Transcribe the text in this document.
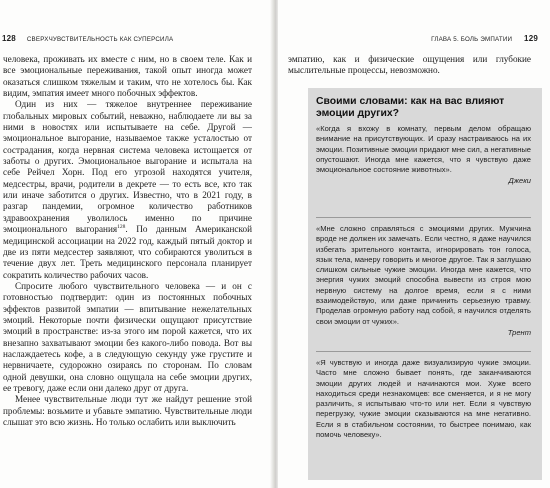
128 СВЕРХЧУВСТВИТЕЛЬНОСТЬ КАК СУПЕРСИЛА

человека, проживать их вместе с ним, но в своем теле. Как и все эмоциональные переживания, такой опыт иногда может оказаться слишком тяжелым и таким, что не хотелось бы. Как видим, эмпатия имеет много побочных эффектов.

Один из них — тяжелое внутреннее переживание глобальных мировых событий, неважно, наблюдаете ли вы за ними в новостях или испытываете на себе. Другой — эмоциональное выгорание, называемое также усталостью от сострадания, когда нервная система человека истощается от заботы о других. Эмоциональное выгорание и испытала на себе Рейчел Хорн. Под его угрозой находятся учителя, медсестры, врачи, родители в декрете — то есть все, кто так или иначе заботится о других. Известно, что в 2021 году, в разгар пандемии, огромное количество работников здравоохранения уволилось именно по причине эмоционального выгорания$^{128}$. По данным Американской медицинской ассоциации на 2022 год, каждый пятый доктор и две из пяти медсестер заявляют, что собираются уволиться в течение двух лет. Треть медицинского персонала планирует сократить количество рабочих часов.

Спросите любого чувствительного человека — и он с готовностью подтвердит: один из постоянных побочных эффектов развитой эмпатии — впитывание нежелательных эмоций. Некоторые почти физически ощущают присутствие эмоций в пространстве: из-за этого им порой кажется, что их внезапно захватывают эмоции без какого-либо повода. Вот вы наслаждаетесь кофе, а в следующую секунду уже грустите и нервничаете, судорожно озираясь по сторонам. По словам одной девушки, она словно ощущала на себе эмоции других, ее тревогу, даже если они далеко друг от друга.

Менее чувствительные люди тут же найдут решение этой проблемы: возьмите и убавьте эмпатию. Чувствительные люди слышат это всю жизнь. Но только ослабить или выключить

ГЛАВА 5. БОЛЬ ЭМПАТИИ 129

эмпатию, как и физические ощущения или глубокие мыслительные процессы, невозможно.

Своими словами: как на вас влияют эмоции других?
«Когда я вхожу в комнату, первым делом обращаю внимание на присутствующих. И сразу настраиваюсь на их эмоции. Позитивные эмоции придают мне сил, а негативные опустошают. Иногда мне кажется, что я чувствую даже эмоциональное состояние животных».
Джеки
«Мне сложно справляться с эмоциями других. Мужчина вроде не должен их замечать. Если честно, я даже научился избегать зрительного контакта, игнорировать тон голоса, язык тела, манеру говорить и многое другое. Так я заглушаю слишком сильные чужие эмоции. Иногда мне кажется, что энергия чужих эмоций способна вывести из строя мою нервную систему на долгое время, если я с ними взаимодействую, или даже причинить серьезную травму. Проделав огромную работу над собой, я научился отделять свои эмоции от чужих».
Трент
«Я чувствую и иногда даже визуализирую чужие эмоции. Часто мне сложно бывает понять, где заканчиваются эмоции других людей и начинаются мои. Хуже всего находиться среди незнакомцев: все сменяется, и я не могу различить, я испытываю что-то или нет. Если я чувствую перегрузку, чужие эмоции сказываются на мне негативно. Если я в стабильном состоянии, то быстрее понимаю, как помочь человеку».
